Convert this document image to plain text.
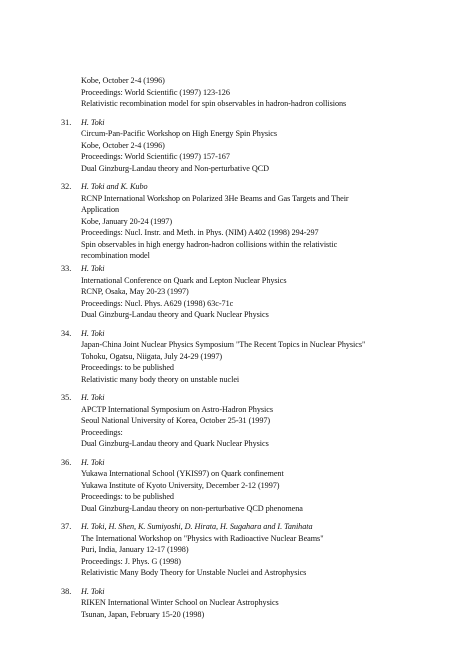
Kobe, October 2-4 (1996)
Proceedings: World Scientific (1997) 123-126
Relativistic recombination model for spin observables in hadron-hadron collisions
31. H. Toki
Circum-Pan-Pacific Workshop on High Energy Spin Physics
Kobe, October 2-4 (1996)
Proceedings: World Scientific (1997) 157-167
Dual Ginzburg-Landau theory and Non-perturbative QCD
32. H. Toki and K. Kubo
RCNP International Workshop on Polarized 3He Beams and Gas Targets and Their
Application
Kobe, January 20-24 (1997)
Proceedings: Nucl. Instr. and Meth. in Phys. (NIM) A402 (1998) 294-297
Spin observables in high energy hadron-hadron collisions within the relativistic
recombination model
33. H. Toki
International Conference on Quark and Lepton Nuclear Physics
RCNP, Osaka, May 20-23 (1997)
Proceedings: Nucl. Phys. A629 (1998) 63c-71c
Dual Ginzburg-Landau theory and Quark Nuclear Physics
34. H. Toki
Japan-China Joint Nuclear Physics Symposium "The Recent Topics in Nuclear Physics"
Tohoku, Ogatsu, Niigata, July 24-29 (1997)
Proceedings: to be published
Relativistic many body theory on unstable nuclei
35. H. Toki
APCTP International Symposium on Astro-Hadron Physics
Seoul National University of Korea, October 25-31 (1997)
Proceedings:
Dual Ginzburg-Landau theory and Quark Nuclear Physics
36. H. Toki
Yukawa International School (YKIS97) on Quark confinement
Yukawa Institute of Kyoto University, December 2-12 (1997)
Proceedings: to be published
Dual Ginzburg-Landau theory on non-perturbative QCD phenomena
37. H. Toki, H. Shen, K. Sumiyoshi, D. Hirata, H. Sugahara and I. Tanihata
The International Workshop on "Physics with Radioactive Nuclear Beams"
Puri, India, January 12-17 (1998)
Proceedings: J. Phys. G (1998)
Relativistic Many Body Theory for Unstable Nuclei and Astrophysics
38. H. Toki
RIKEN International Winter School on Nuclear Astrophysics
Tsunan, Japan, February 15-20 (1998)
